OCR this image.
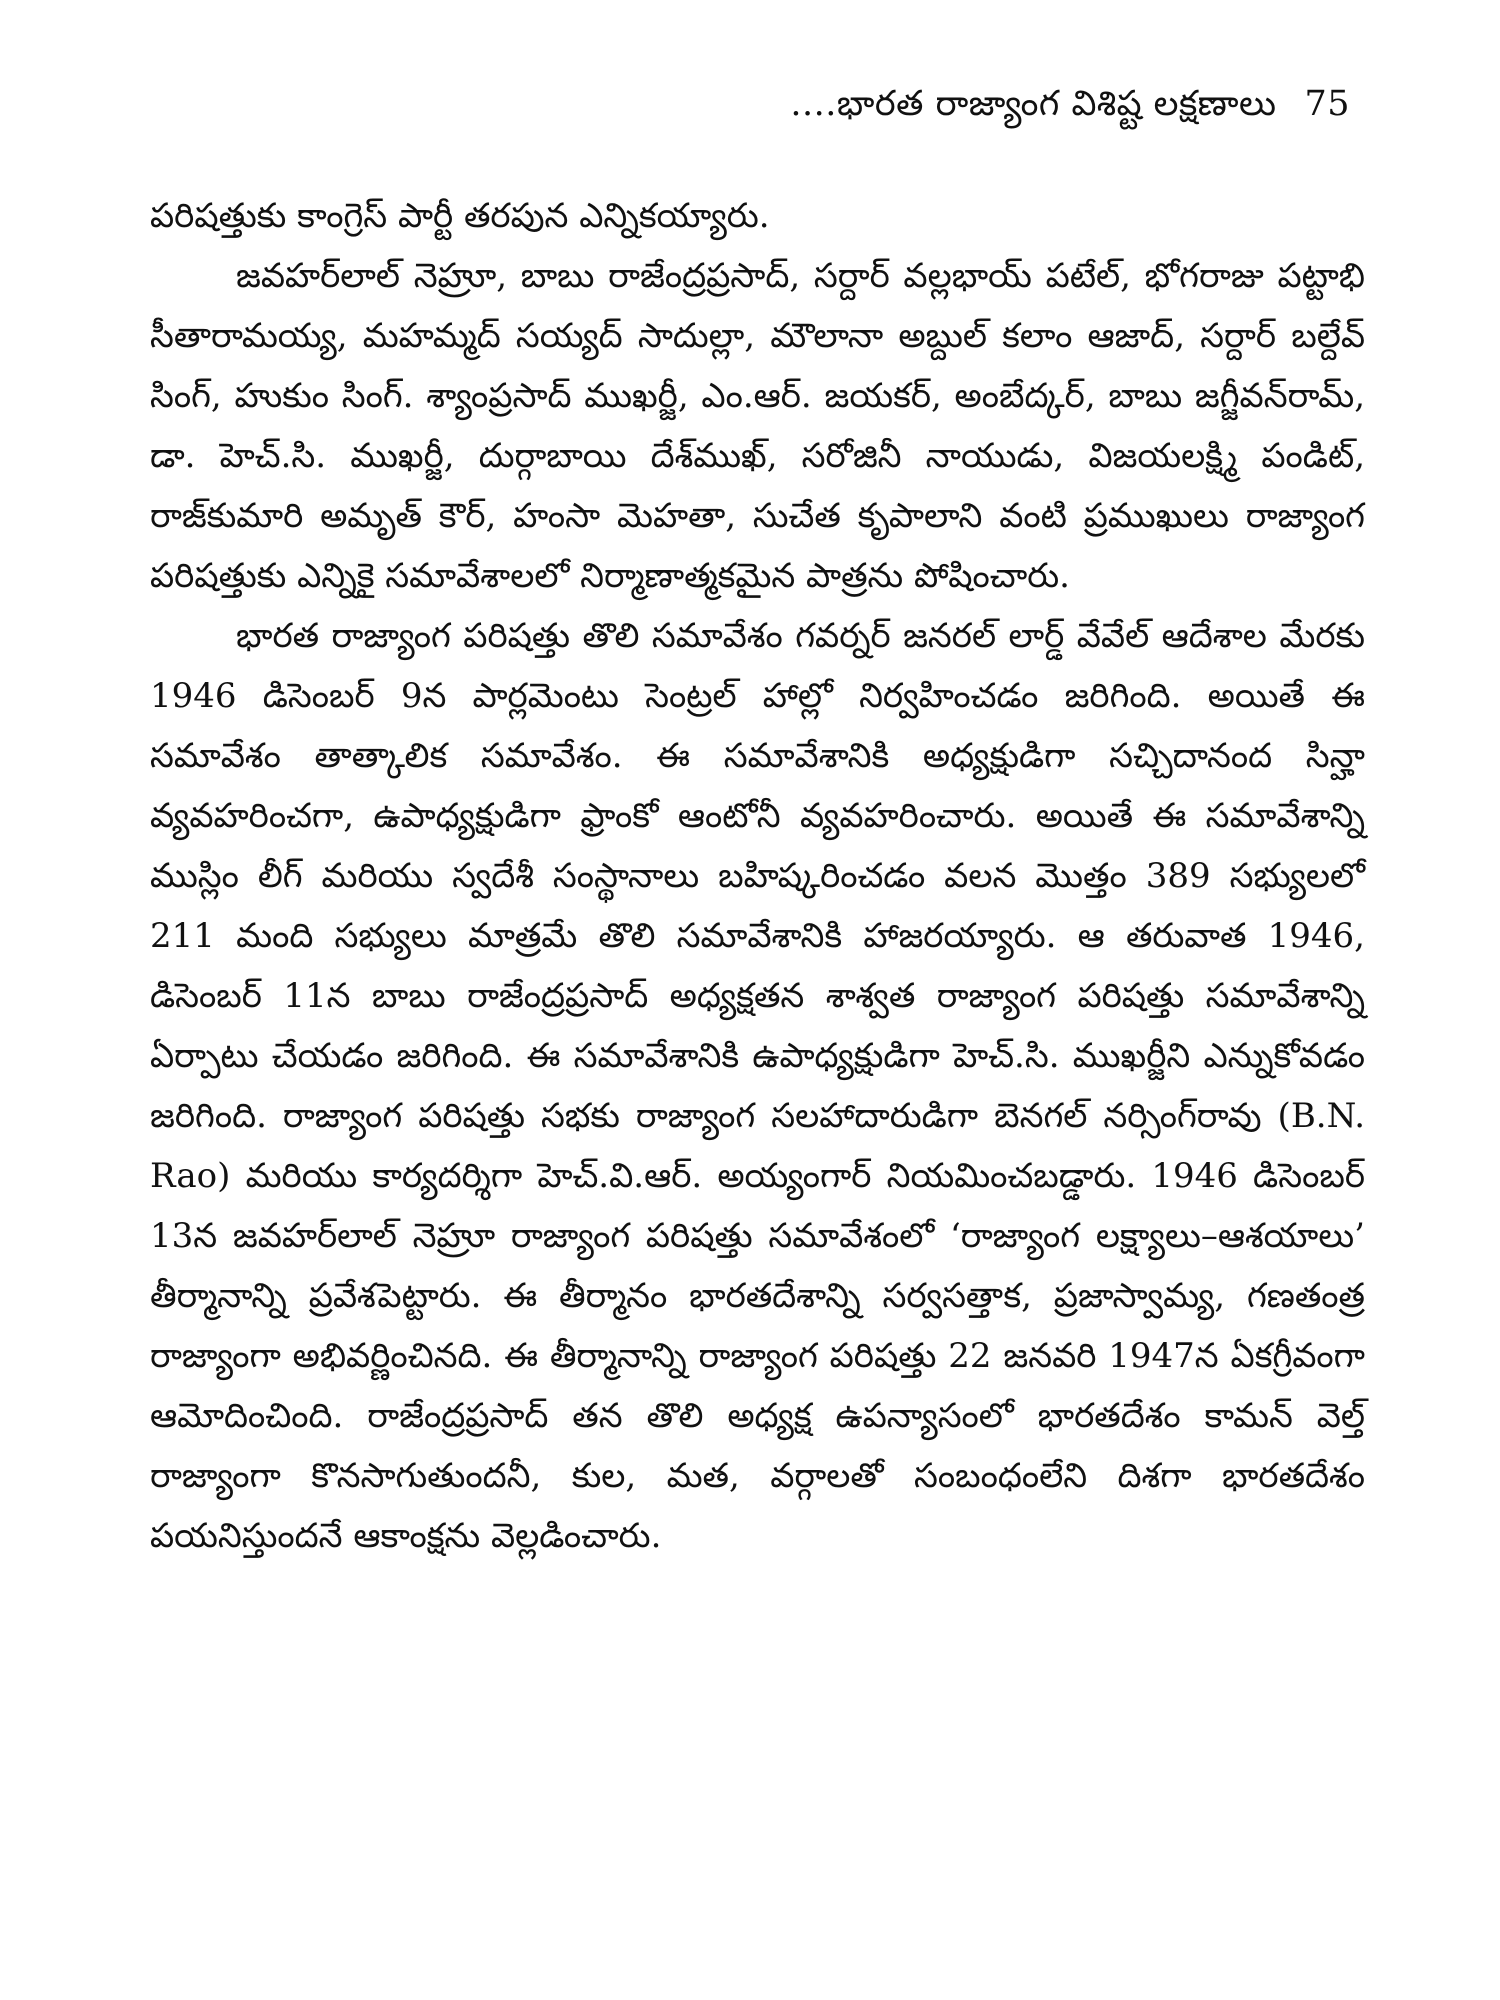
....భారత రాజ్యాంగ విశిష్ట లక్షణాలు 75

పరిషత్తుకు కాంగ్రెస్ పార్టీ తరపున ఎన్నికయ్యారు.

జవహర్‌లాల్ నెహ్రూ, బాబు రాజేంద్రప్రసాద్, సర్దార్ వల్లభాయ్ పటేల్, భోగరాజు పట్టాభి సీతారామయ్య, మహమ్మద్ సయ్యద్ సాదుల్లా, మౌలానా అబ్దుల్ కలాం ఆజాద్, సర్దార్ బల్దేవ్ సింగ్, హుకుం సింగ్. శ్యాంప్రసాద్ ముఖర్జీ, ఎం.ఆర్. జయకర్, అంబేద్కర్, బాబు జగ్జీవన్‌రామ్, డా. హెచ్.సి. ముఖర్జీ, దుర్గాబాయి దేశ్‌ముఖ్, సరోజినీ నాయుడు, విజయలక్ష్మి పండిట్, రాజ్‌కుమారి అమృత్ కౌర్, హంసా మెహతా, సుచేత కృపాలాని వంటి ప్రముఖులు రాజ్యాంగ పరిషత్తుకు ఎన్నికై సమావేశాలలో నిర్మాణాత్మకమైన పాత్రను పోషించారు.

భారత రాజ్యాంగ పరిషత్తు తొలి సమావేశం గవర్నర్ జనరల్ లార్డ్ వేవేల్ ఆదేశాల మేరకు 1946 డిసెంబర్ 9న పార్లమెంటు సెంట్రల్ హాల్లో నిర్వహించడం జరిగింది. అయితే ఈ సమావేశం తాత్కాలిక సమావేశం. ఈ సమావేశానికి అధ్యక్షుడిగా సచ్చిదానంద సిన్హా వ్యవహరించగా, ఉపాధ్యక్షుడిగా ఫ్రాంకో ఆంటోనీ వ్యవహరించారు. అయితే ఈ సమావేశాన్ని ముస్లిం లీగ్ మరియు స్వదేశీ సంస్థానాలు బహిష్కరించడం వలన మొత్తం 389 సభ్యులలో 211 మంది సభ్యులు మాత్రమే తొలి సమావేశానికి హాజరయ్యారు. ఆ తరువాత 1946, డిసెంబర్ 11న బాబు రాజేంద్రప్రసాద్ అధ్యక్షతన శాశ్వత రాజ్యాంగ పరిషత్తు సమావేశాన్ని ఏర్పాటు చేయడం జరిగింది. ఈ సమావేశానికి ఉపాధ్యక్షుడిగా హెచ్.సి. ముఖర్జీని ఎన్నుకోవడం జరిగింది. రాజ్యాంగ పరిషత్తు సభకు రాజ్యాంగ సలహాదారుడిగా బెనగల్ నర్సింగ్‌రావు (B.N. Rao) మరియు కార్యదర్శిగా హెచ్.వి.ఆర్. అయ్యంగార్ నియమించబడ్డారు. 1946 డిసెంబర్ 13న జవహర్‌లాల్ నెహ్రూ రాజ్యాంగ పరిషత్తు సమావేశంలో ‘రాజ్యాంగ లక్ష్యాలు–ఆశయాలు’ తీర్మానాన్ని ప్రవేశపెట్టారు. ఈ తీర్మానం భారతదేశాన్ని సర్వసత్తాక, ప్రజాస్వామ్య, గణతంత్ర రాజ్యాంగా అభివర్ణించినది. ఈ తీర్మానాన్ని రాజ్యాంగ పరిషత్తు 22 జనవరి 1947న ఏకగ్రీవంగా ఆమోదించింది. రాజేంద్రప్రసాద్ తన తొలి అధ్యక్ష ఉపన్యాసంలో భారతదేశం కామన్ వెల్త్ రాజ్యాంగా కొనసాగుతుందనీ, కుల, మత, వర్గాలతో సంబంధంలేని దిశగా భారతదేశం పయనిస్తుందనే ఆకాంక్షను వెల్లడించారు.
